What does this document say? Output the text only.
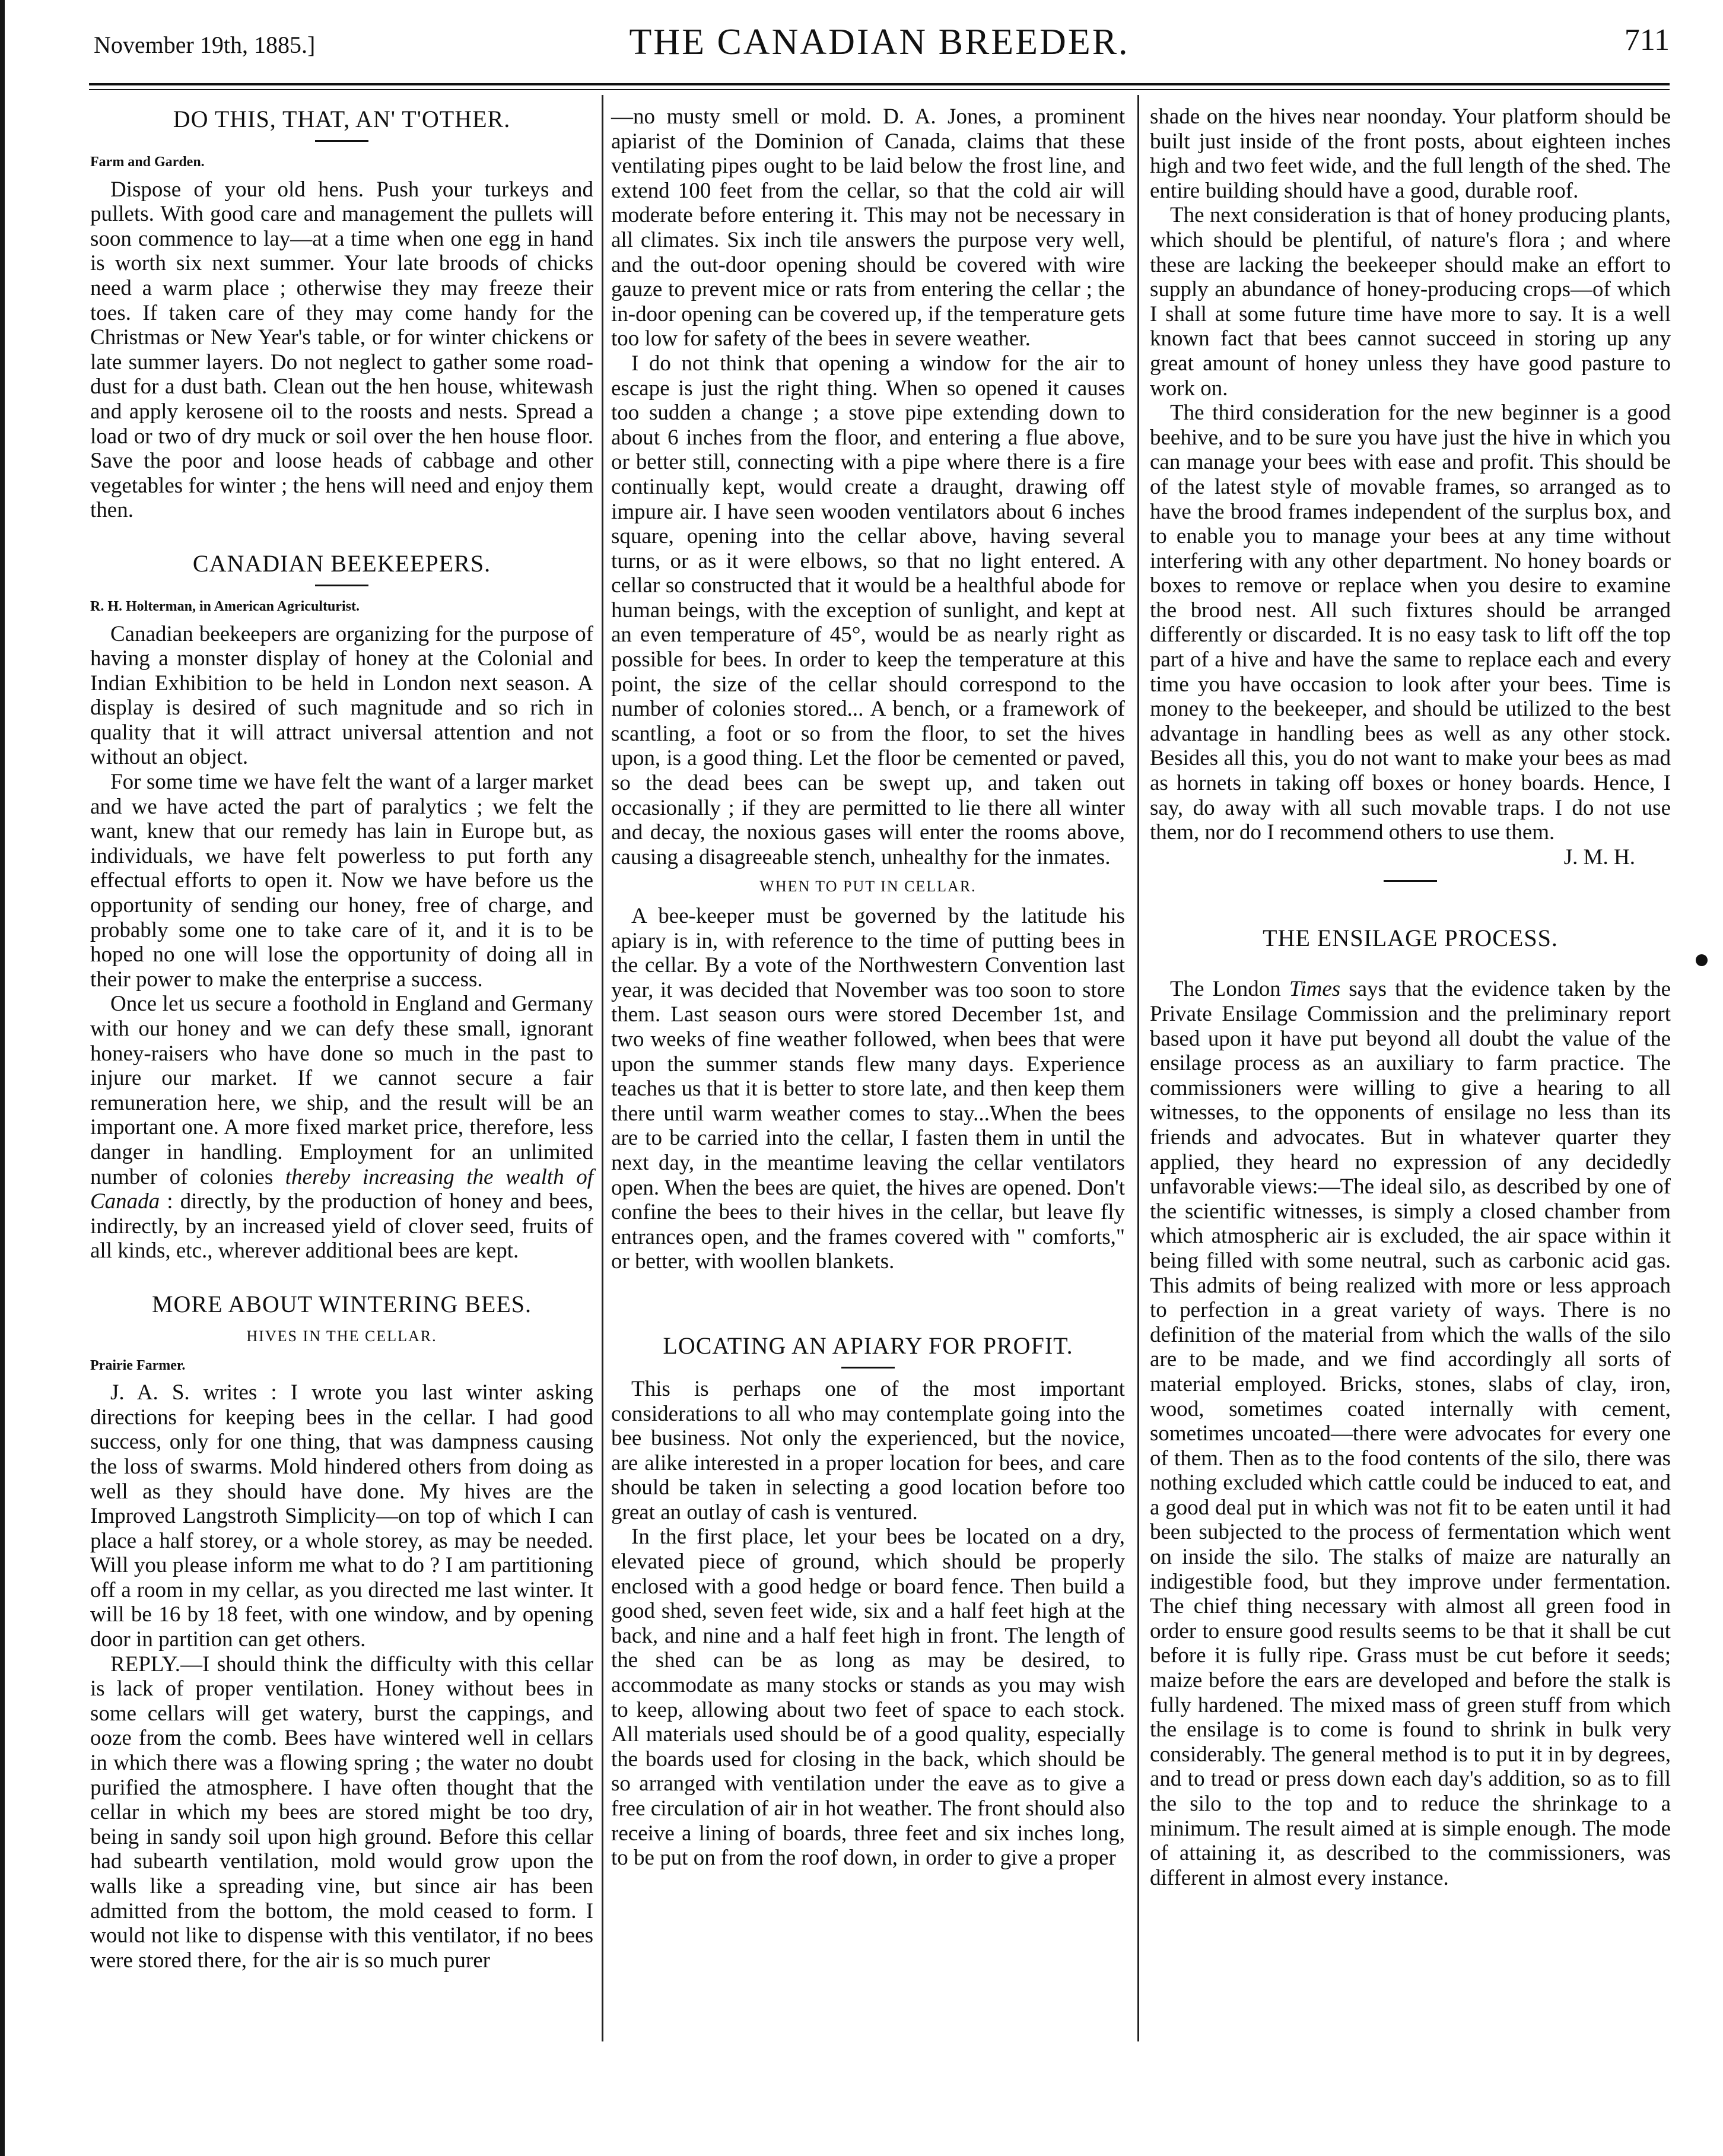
November 19th, 1885.]	THE CANADIAN BREEDER.	711
DO THIS, THAT, AN' T'OTHER.
Farm and Garden.

Dispose of your old hens. Push your turkeys and pullets. With good care and management the pullets will soon commence to lay—at a time when one egg in hand is worth six next summer. Your late broods of chicks need a warm place ; otherwise they may freeze their toes. If taken care of they may come handy for the Christmas or New Year's table, or for winter chickens or late summer layers. Do not neglect to gather some road-dust for a dust bath. Clean out the hen house, whitewash and apply kerosene oil to the roosts and nests. Spread a load or two of dry muck or soil over the hen house floor. Save the poor and loose heads of cabbage and other vegetables for winter ; the hens will need and enjoy them then.

CANADIAN BEEKEEPERS.
R. H. Holterman, in American Agriculturist.

Canadian beekeepers are organizing for the purpose of having a monster display of honey at the Colonial and Indian Exhibition to be held in London next season. A display is desired of such magnitude and so rich in quality that it will attract universal attention and not without an object.

For some time we have felt the want of a larger market and we have acted the part of paralytics ; we felt the want, knew that our remedy has lain in Europe but, as individuals, we have felt powerless to put forth any effectual efforts to open it. Now we have before us the opportunity of sending our honey, free of charge, and probably some one to take care of it, and it is to be hoped no one will lose the opportunity of doing all in their power to make the enterprise a success.

Once let us secure a foothold in England and Germany with our honey and we can defy these small, ignorant honey-raisers who have done so much in the past to injure our market. If we cannot secure a fair remuneration here, we ship, and the result will be an important one. A more fixed market price, therefore, less danger in handling. Employment for an unlimited number of colonies thereby increasing the wealth of Canada : directly, by the production of honey and bees, indirectly, by an increased yield of clover seed, fruits of all kinds, etc., wherever additional bees are kept.

MORE ABOUT WINTERING BEES.
HIVES IN THE CELLAR.
Prairie Farmer.

J. A. S. writes : I wrote you last winter asking directions for keeping bees in the cellar. I had good success, only for one thing, that was dampness causing the loss of swarms. Mold hindered others from doing as well as they should have done. My hives are the Improved Langstroth Simplicity—on top of which I can place a half storey, or a whole storey, as may be needed. Will you please inform me what to do ? I am partitioning off a room in my cellar, as you directed me last winter. It will be 16 by 18 feet, with one window, and by opening door in partition can get others.

REPLY.—I should think the difficulty with this cellar is lack of proper ventilation. Honey without bees in some cellars will get watery, burst the cappings, and ooze from the comb. Bees have wintered well in cellars in which there was a flowing spring ; the water no doubt purified the atmosphere. I have often thought that the cellar in which my bees are stored might be too dry, being in sandy soil upon high ground. Before this cellar had subearth ventilation, mold would grow upon the walls like a spreading vine, but since air has been admitted from the bottom, the mold ceased to form. I would not like to dispense with this ventilator, if no bees were stored there, for the air is so much purer

—no musty smell or mold. D. A. Jones, a prominent apiarist of the Dominion of Canada, claims that these ventilating pipes ought to be laid below the frost line, and extend 100 feet from the cellar, so that the cold air will moderate before entering it. This may not be necessary in all climates. Six inch tile answers the purpose very well, and the out-door opening should be covered with wire gauze to prevent mice or rats from entering the cellar ; the in-door opening can be covered up, if the temperature gets too low for safety of the bees in severe weather.

I do not think that opening a window for the air to escape is just the right thing. When so opened it causes too sudden a change ; a stove pipe extending down to about 6 inches from the floor, and entering a flue above, or better still, connecting with a pipe where there is a fire continually kept, would create a draught, drawing off impure air. I have seen wooden ventilators about 6 inches square, opening into the cellar above, having several turns, or as it were elbows, so that no light entered. A cellar so constructed that it would be a healthful abode for human beings, with the exception of sunlight, and kept at an even temperature of 45°, would be as nearly right as possible for bees. In order to keep the temperature at this point, the size of the cellar should correspond to the number of colonies stored... A bench, or a framework of scantling, a foot or so from the floor, to set the hives upon, is a good thing. Let the floor be cemented or paved, so the dead bees can be swept up, and taken out occasionally ; if they are permitted to lie there all winter and decay, the noxious gases will enter the rooms above, causing a disagreeable stench, unhealthy for the inmates.

WHEN TO PUT IN CELLAR.

A bee-keeper must be governed by the latitude his apiary is in, with reference to the time of putting bees in the cellar. By a vote of the Northwestern Convention last year, it was decided that November was too soon to store them. Last season ours were stored December 1st, and two weeks of fine weather followed, when bees that were upon the summer stands flew many days. Experience teaches us that it is better to store late, and then keep them there until warm weather comes to stay...When the bees are to be carried into the cellar, I fasten them in until the next day, in the meantime leaving the cellar ventilators open. When the bees are quiet, the hives are opened. Don't confine the bees to their hives in the cellar, but leave fly entrances open, and the frames covered with " comforts," or better, with woollen blankets.

LOCATING AN APIARY FOR PROFIT.

This is perhaps one of the most important considerations to all who may contemplate going into the bee business. Not only the experienced, but the novice, are alike interested in a proper location for bees, and care should be taken in selecting a good location before too great an outlay of cash is ventured.

In the first place, let your bees be located on a dry, elevated piece of ground, which should be properly enclosed with a good hedge or board fence. Then build a good shed, seven feet wide, six and a half feet high at the back, and nine and a half feet high in front. The length of the shed can be as long as may be desired, to accommodate as many stocks or stands as you may wish to keep, allowing about two feet of space to each stock. All materials used should be of a good quality, especially the boards used for closing in the back, which should be so arranged with ventilation under the eave as to give a free circulation of air in hot weather. The front should also receive a lining of boards, three feet and six inches long, to be put on from the roof down, in order to give a proper

shade on the hives near noonday. Your platform should be built just inside of the front posts, about eighteen inches high and two feet wide, and the full length of the shed. The entire building should have a good, durable roof.

The next consideration is that of honey producing plants, which should be plentiful, of nature's flora ; and where these are lacking the beekeeper should make an effort to supply an abundance of honey-producing crops—of which I shall at some future time have more to say. It is a well known fact that bees cannot succeed in storing up any great amount of honey unless they have good pasture to work on.

The third consideration for the new beginner is a good beehive, and to be sure you have just the hive in which you can manage your bees with ease and profit. This should be of the latest style of movable frames, so arranged as to have the brood frames independent of the surplus box, and to enable you to manage your bees at any time without interfering with any other department. No honey boards or boxes to remove or replace when you desire to examine the brood nest. All such fixtures should be arranged differently or discarded. It is no easy task to lift off the top part of a hive and have the same to replace each and every time you have occasion to look after your bees. Time is money to the beekeeper, and should be utilized to the best advantage in handling bees as well as any other stock. Besides all this, you do not want to make your bees as mad as hornets in taking off boxes or honey boards. Hence, I say, do away with all such movable traps. I do not use them, nor do I recommend others to use them.

J. M. H.

THE ENSILAGE PROCESS.

The London Times says that the evidence taken by the Private Ensilage Commission and the preliminary report based upon it have put beyond all doubt the value of the ensilage process as an auxiliary to farm practice. The commissioners were willing to give a hearing to all witnesses, to the opponents of ensilage no less than its friends and advocates. But in whatever quarter they applied, they heard no expression of any decidedly unfavorable views:—The ideal silo, as described by one of the scientific witnesses, is simply a closed chamber from which atmospheric air is excluded, the air space within it being filled with some neutral, such as carbonic acid gas. This admits of being realized with more or less approach to perfection in a great variety of ways. There is no definition of the material from which the walls of the silo are to be made, and we find accordingly all sorts of material employed. Bricks, stones, slabs of clay, iron, wood, sometimes coated internally with cement, sometimes uncoated—there were advocates for every one of them. Then as to the food contents of the silo, there was nothing excluded which cattle could be induced to eat, and a good deal put in which was not fit to be eaten until it had been subjected to the process of fermentation which went on inside the silo. The stalks of maize are naturally an indigestible food, but they improve under fermentation. The chief thing necessary with almost all green food in order to ensure good results seems to be that it shall be cut before it is fully ripe. Grass must be cut before it seeds; maize before the ears are developed and before the stalk is fully hardened. The mixed mass of green stuff from which the ensilage is to come is found to shrink in bulk very considerably. The general method is to put it in by degrees, and to tread or press down each day's addition, so as to fill the silo to the top and to reduce the shrinkage to a minimum. The result aimed at is simple enough. The mode of attaining it, as described to the commissioners, was different in almost every instance.
